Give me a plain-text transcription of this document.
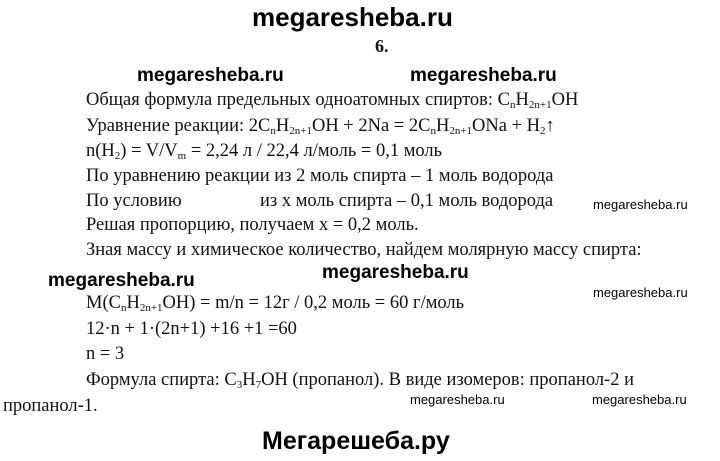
megaresheba.ru
6.
megaresheba.ru	megaresheba.ru
Общая формула предельных одноатомных спиртов: $C_nH_{2n+1}OH$
Уравнение реакции: $2C_nH_{2n+1}OH + 2Na = 2C_nH_{2n+1}ONa$ + $H_2↑$
$n(H_2) = V/V_m = 2,24$ л / 22,4 л/моль = 0,1 моль
По уравнению реакции из 2 моль спирта – 1 моль водорода
По условию	из х моль спирта – 0,1 моль водорода	megaresheba.ru
Решая пропорцию, получаем х = 0,2 моль.
Зная массу и химическое количество, найдем молярную массу спирта:
megaresheba.ru	megaresheba.ru
$M(C_nH_{2n+1}OH) = m/n = 12г / 0,2$ моль = 60 г/моль
megaresheba.ru
12·n + 1·(2n+1) +16 +1 =60
n = 3
Формула спирта: $C_3H_7OH$ (пропанол). В виде изомеров: пропанол-2 и
пропанол-1.	megaresheba.ru	megaresheba.ru
Мегарешеба.ру
